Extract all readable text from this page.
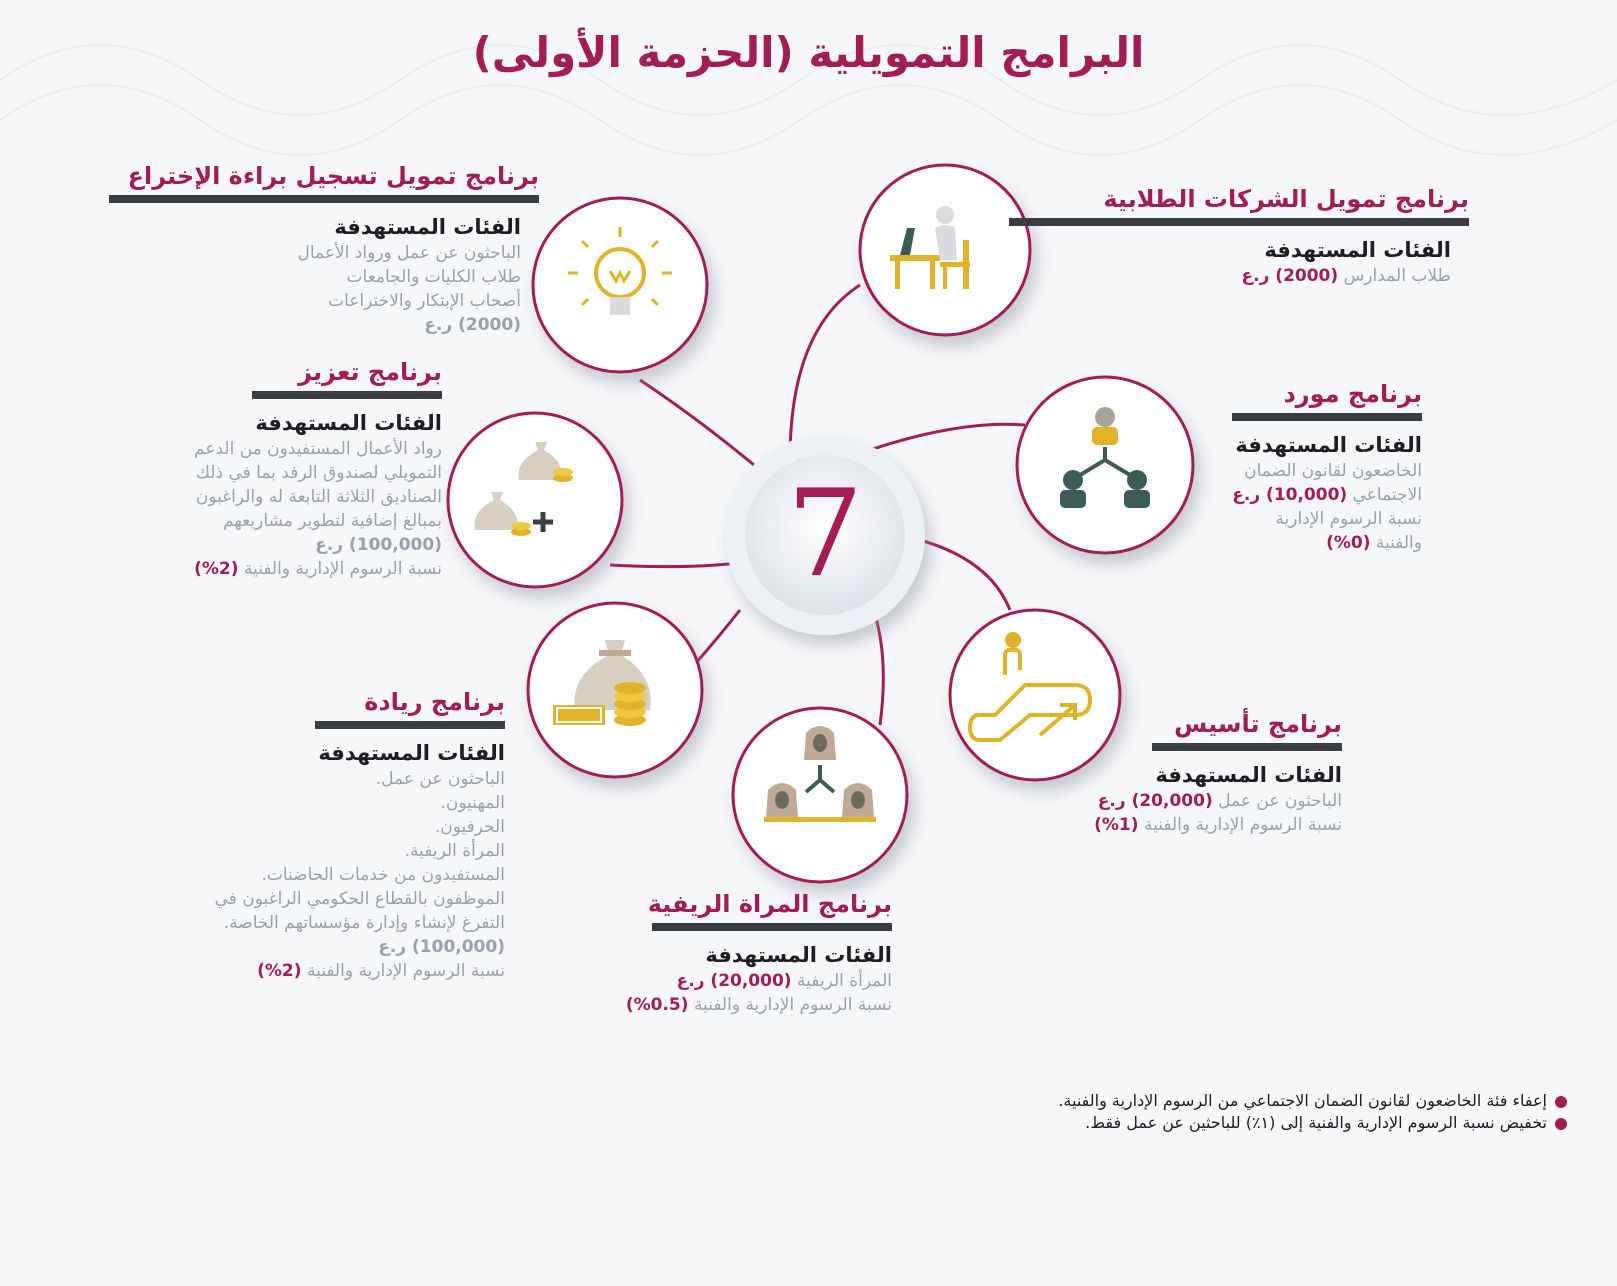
البرامج التمويلية (الحزمة الأولى)
7
برنامج تمويل الشركات الطلابية
الفئات المستهدفة
طلاب المدارس (2000) ر.ع
برنامج مورد
الفئات المستهدفة
الخاضعون لقانون الضمان
الاجتماعي (10,000) ر.ع
نسبة الرسوم الإدارية
والفنية (0%)
برنامج تأسيس
الفئات المستهدفة
الباحثون عن عمل (20,000) ر.ع
نسبة الرسوم الإدارية والفنية (1%)
برنامج المراة الريفية
الفئات المستهدفة
المرأة الريفية (20,000) ر.ع
نسبة الرسوم الإدارية والفنية (0.5%)
برنامج ريادة
الفئات المستهدفة
الباحثون عن عمل.
المهنيون.
الحرفيون.
المرأة الريفية.
المستفيدون من خدمات الحاضنات.
الموظفون بالقطاع الحكومي الراغبون في
التفرغ لإنشاء وإدارة مؤسساتهم الخاصة.
(100,000) ر.ع
نسبة الرسوم الإدارية والفنية (2%)
برنامج تعزيز
الفئات المستهدفة
رواد الأعمال المستفيدون من الدعم
التمويلي لصندوق الرفد بما في ذلك
الصناديق الثلاثة التابعة له والراغبون
بمبالغ إضافية لتطوير مشاريعهم
(100,000) ر.ع
نسبة الرسوم الإدارية والفنية (2%)
برنامج تمويل تسجيل براءة الإختراع
الفئات المستهدفة
الباحثون عن عمل ورواد الأعمال
طلاب الكليات والجامعات
أصحاب الإبتكار والاختراعات
(2000) ر.ع
إعفاء فئة الخاضعون لقانون الضمان الاجتماعي من الرسوم الإدارية والفنية.
تخفيض نسبة الرسوم الإدارية والفنية إلى (١٪) للباحثين عن عمل فقط.
